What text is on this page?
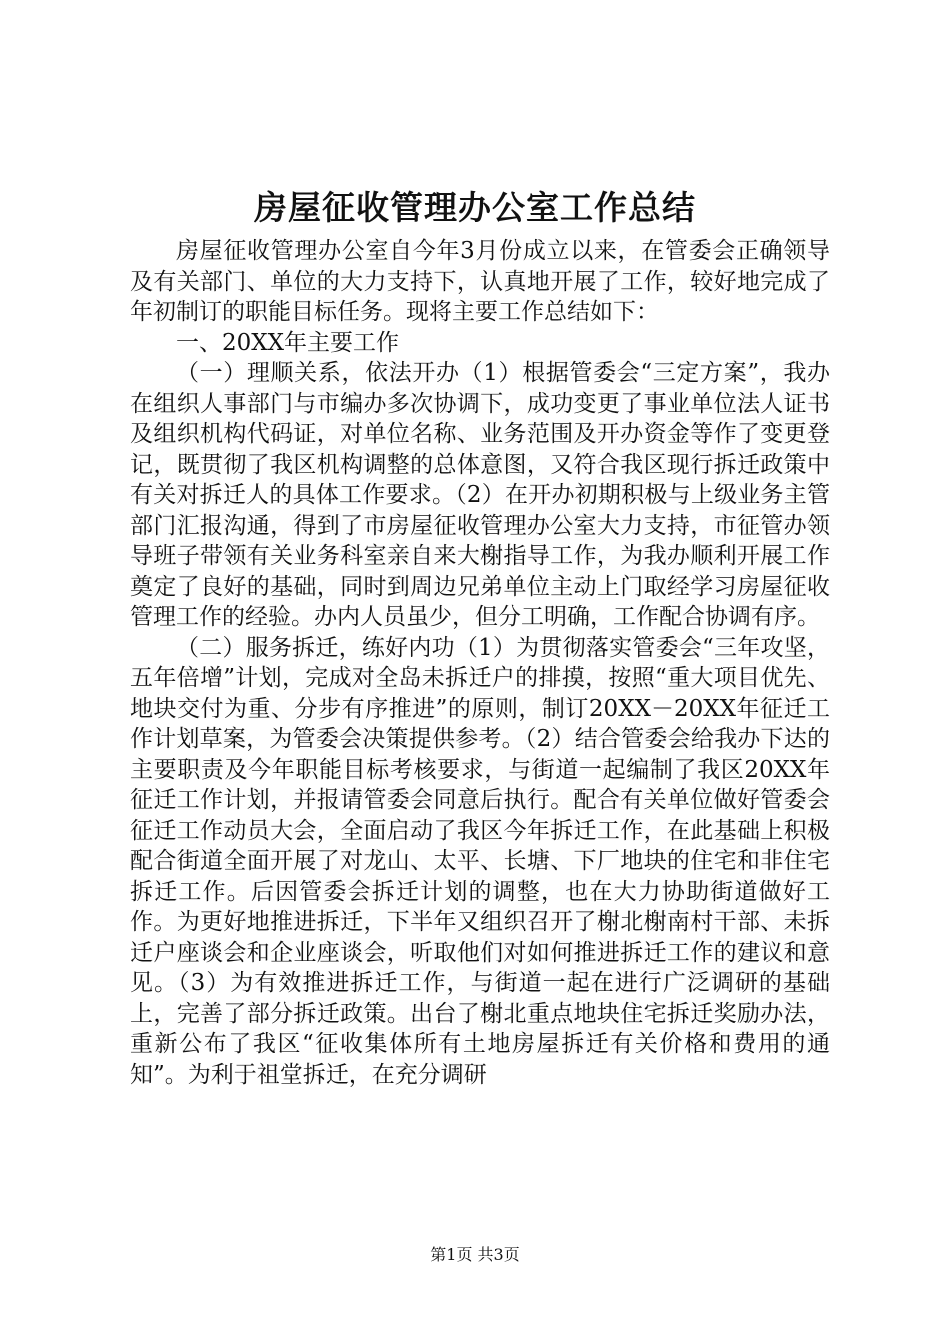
房屋征收管理办公室工作总结

房屋征收管理办公室自今年3月份成立以来，在管委会正确领导及有关部门、单位的大力支持下，认真地开展了工作，较好地完成了年初制订的职能目标任务。现将主要工作总结如下：

一、20XX年主要工作

（一）理顺关系，依法开办（1）根据管委会“三定方案”，我办在组织人事部门与市编办多次协调下，成功变更了事业单位法人证书及组织机构代码证，对单位名称、业务范围及开办资金等作了变更登记，既贯彻了我区机构调整的总体意图，又符合我区现行拆迁政策中有关对拆迁人的具体工作要求。（2）在开办初期积极与上级业务主管部门汇报沟通，得到了市房屋征收管理办公室大力支持，市征管办领导班子带领有关业务科室亲自来大榭指导工作，为我办顺利开展工作奠定了良好的基础，同时到周边兄弟单位主动上门取经学习房屋征收管理工作的经验。办内人员虽少，但分工明确，工作配合协调有序。

（二）服务拆迁，练好内功（1）为贯彻落实管委会“三年攻坚，五年倍增”计划，完成对全岛未拆迁户的排摸，按照“重大项目优先、地块交付为重、分步有序推进”的原则，制订20XX－20XX年征迁工作计划草案，为管委会决策提供参考。（2）结合管委会给我办下达的主要职责及今年职能目标考核要求，与街道一起编制了我区20XX年征迁工作计划，并报请管委会同意后执行。配合有关单位做好管委会征迁工作动员大会，全面启动了我区今年拆迁工作，在此基础上积极配合街道全面开展了对龙山、太平、长塘、下厂地块的住宅和非住宅拆迁工作。后因管委会拆迁计划的调整，也在大力协助街道做好工作。为更好地推进拆迁，下半年又组织召开了榭北榭南村干部、未拆迁户座谈会和企业座谈会，听取他们对如何推进拆迁工作的建议和意见。（3）为有效推进拆迁工作，与街道一起在进行广泛调研的基础上，完善了部分拆迁政策。出台了榭北重点地块住宅拆迁奖励办法，重新公布了我区“征收集体所有土地房屋拆迁有关价格和费用的通知”。为利于祖堂拆迁，在充分调研

第1页 共3页
